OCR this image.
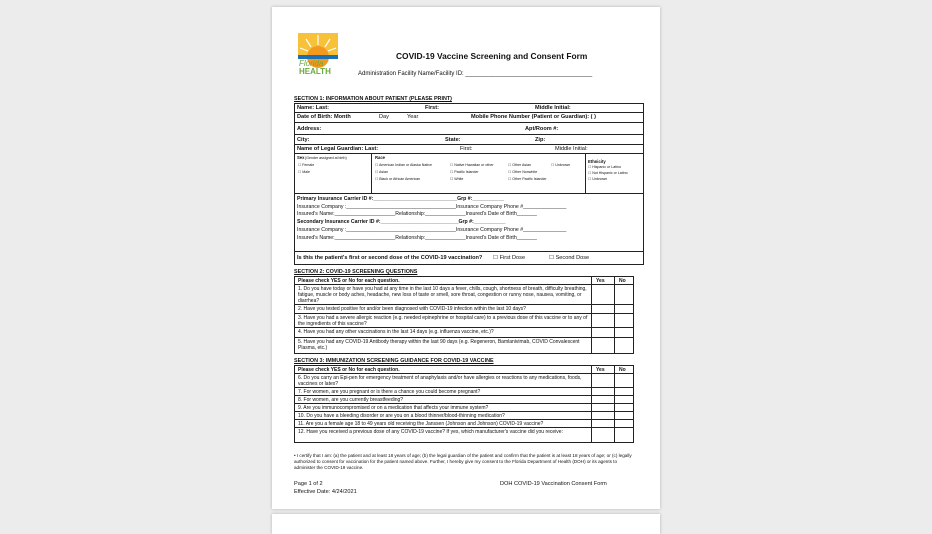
Florida
HEALTH
COVID-19 Vaccine Screening and Consent Form
Administration Facility Name/Facility ID: ______________________________________
SECTION 1: INFORMATION ABOUT PATIENT (PLEASE PRINT)
Name: Last:	First:	Middle Initial:
Date of Birth: Month	Day	Year	Mobile Phone Number (Patient or Guardian): ( )
Address:	Apt/Room #:
City:	State:	Zip:
Name of Legal Guardian: Last:	First:	Middle Initial:
Sex (Gender assigned at birth)
☐ Female
☐ Male
Race
☐ American Indian or Alaska Native
☐ Asian
☐ Black or African American
☐ Native Hawaiian or other
☐ Pacific Islander
☐ White
☐ Other Asian
☐ Other Nonwhite
☐ Other Pacific Islander
☐ Unknown
Ethnicity
☐ Hispanic or Latino
☐ Not Hispanic or Latino
☐ Unknown
Primary Insurance Carrier ID #:_____________________________Grp #:___________
Insurance Company :______________________________________Insurance Company Phone #_______________
Insured's Name:_____________________Relationship:______________Insured's Date of Birth_______
Secondary Insurance Carrier ID #:___________________________Grp #:___________
Insurance Company :______________________________________Insurance Company Phone #_______________
Insured's Name:_____________________Relationship:______________Insured's Date of Birth_______
Is this the patient's first or second dose of the COVID-19 vaccination? ☐ First Dose	☐ Second Dose
SECTION 2: COVID-19 SCREENING QUESTIONS
Please check YES or No for each question.	Yes	No
1. Do you have today or have you had at any time in the last 10 days a fever, chills, cough, shortness of breath, difficulty breathing, fatigue, muscle or body aches, headache, new loss of taste or smell, sore throat, congestion or runny nose, nausea, vomiting, or diarrhea?
2. Have you tested positive for and/or been diagnosed with COVID-19 infection within the last 10 days?
3. Have you had a severe allergic reaction (e.g. needed epinephrine or hospital care) to a previous dose of this vaccine or to any of the ingredients of this vaccine?
4. Have you had any other vaccinations in the last 14 days (e.g. influenza vaccine, etc.)?
5. Have you had any COVID-19 Antibody therapy within the last 90 days (e.g. Regeneron, Bamlanivimab, COVID Convalescent Plasma, etc.)
SECTION 3: IMMUNIZATION SCREENING GUIDANCE FOR COVID-19 VACCINE
Please check YES or No for each question.	Yes	No
6. Do you carry an Epi-pen for emergency treatment of anaphylaxis and/or have allergies or reactions to any medications, foods, vaccines or latex?
7. For women, are you pregnant or is there a chance you could become pregnant?
8. For women, are you currently breastfeeding?
9. Are you immunocompromised or on a medication that affects your immune system?
10. Do you have a bleeding disorder or are you on a blood thinner/blood-thinning medication?
11. Are you a female age 18 to 49 years old receiving the Janssen (Johnson and Johnson) COVID-19 vaccine?
12. Have you received a previous dose of any COVID-19 vaccine? If yes, which manufacturer's vaccine did you receive:
• I certify that I am: (a) the patient and at least 18 years of age; (b) the legal guardian of the patient and confirm that the patient is at least 18 years of age; or (c) legally authorized to consent for vaccination for the patient named above. Further, I hereby give my consent to the Florida Department of Health (DOH) or its agents to administer the COVID-19 vaccine.
Page 1 of 2
Effective Date: 4/24/2021
DOH COVID-19 Vaccination Consent Form
